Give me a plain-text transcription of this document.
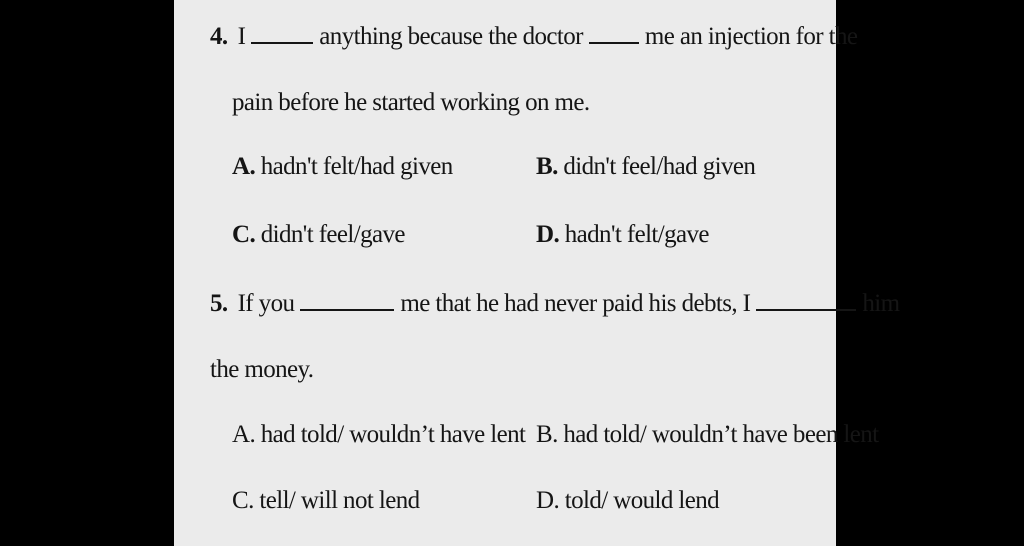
4. I	anything because the doctor me an injection for the
pain before he started working on me.
A. hadn't felt/had given	B. didn't feel/had given
C. didn't feel/gave	D. hadn't felt/gave
5. If you	me that he had never paid his debts, I	him
the money.
A. had told/ wouldn’t have lent B. had told/ wouldn’t have been lent
C. tell/ will not lend	D. told/ would lend
